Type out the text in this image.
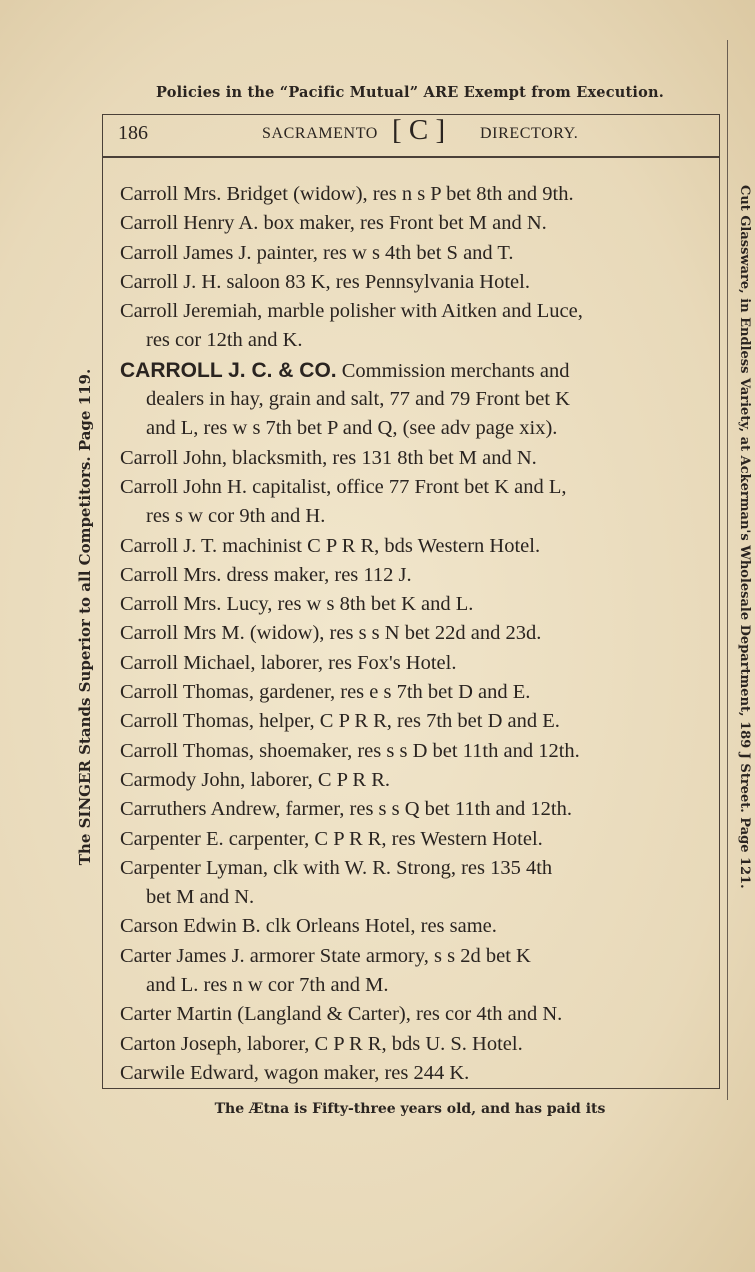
Policies in the “Pacific Mutual” ARE Exempt from Execution.
The SINGER Stands Superior to all Competitors. Page 119.	Cut Glassware, in Endless Variety, at Ackerman's Wholesale Department, 189 J Street. Page 121.
186	SACRAMENTO [ C ] DIRECTORY.
Carroll Mrs. Bridget (widow), res n s P bet 8th and 9th.
Carroll Henry A. box maker, res Front bet M and N.
Carroll James J. painter, res w s 4th bet S and T.
Carroll J. H. saloon 83 K, res Pennsylvania Hotel.
Carroll Jeremiah, marble polisher with Aitken and Luce,
res cor 12th and K.
CARROLL J. C. & CO. Commission merchants and
dealers in hay, grain and salt, 77 and 79 Front bet K
and L, res w s 7th bet P and Q, (see adv page xix).
Carroll John, blacksmith, res 131 8th bet M and N.
Carroll John H. capitalist, office 77 Front bet K and L,
res s w cor 9th and H.
Carroll J. T. machinist C P R R, bds Western Hotel.
Carroll Mrs. dress maker, res 112 J.
Carroll Mrs. Lucy, res w s 8th bet K and L.
Carroll Mrs M. (widow), res s s N bet 22d and 23d.
Carroll Michael, laborer, res Fox's Hotel.
Carroll Thomas, gardener, res e s 7th bet D and E.
Carroll Thomas, helper, C P R R, res 7th bet D and E.
Carroll Thomas, shoemaker, res s s D bet 11th and 12th.
Carmody John, laborer, C P R R.
Carruthers Andrew, farmer, res s s Q bet 11th and 12th.
Carpenter E. carpenter, C P R R, res Western Hotel.
Carpenter Lyman, clk with W. R. Strong, res 135 4th
bet M and N.
Carson Edwin B. clk Orleans Hotel, res same.
Carter James J. armorer State armory, s s 2d bet K
and L. res n w cor 7th and M.
Carter Martin (Langland & Carter), res cor 4th and N.
Carton Joseph, laborer, C P R R, bds U. S. Hotel.
Carwile Edward, wagon maker, res 244 K.
The Ætna is Fifty-three years old, and has paid its
